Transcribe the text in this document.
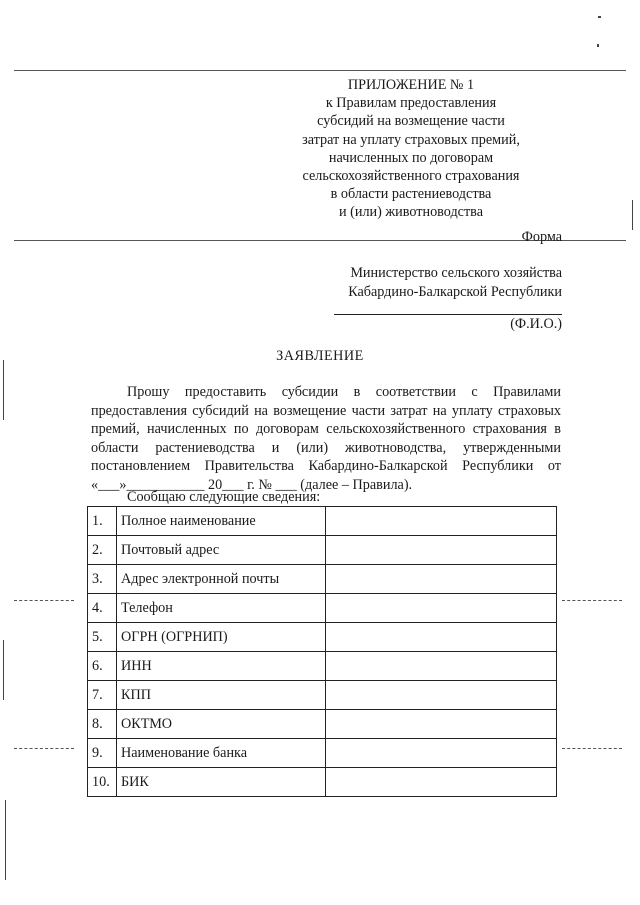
ПРИЛОЖЕНИЕ № 1
к Правилам предоставления
субсидий на возмещение части
затрат на уплату страховых премий,
начисленных по договорам
сельскохозяйственного страхования
в области растениеводства
и (или) животноводства
Форма
Министерство сельского хозяйства
Кабардино-Балкарской Республики
(Ф.И.О.)
ЗАЯВЛЕНИЕ

Прошу предоставить субсидии в соответствии с Правилами предоставления субсидий на возмещение части затрат на уплату страховых премий, начисленных по договорам сельскохозяйственного страхования в области растениеводства и (или) животноводства, утвержденными постановлением Правительства Кабардино-Балкарской Республики от «___»___________ 20___ г. № ___ (далее – Правила).

Сообщаю следующие сведения:
1.	Полное наименование	
2.	Почтовый адрес	
3.	Адрес электронной почты	
4.	Телефон	
5.	ОГРН (ОГРНИП)	
6.	ИНН	
7.	КПП	
8.	ОКТМО	
9.	Наименование банка	
10.	БИК	
